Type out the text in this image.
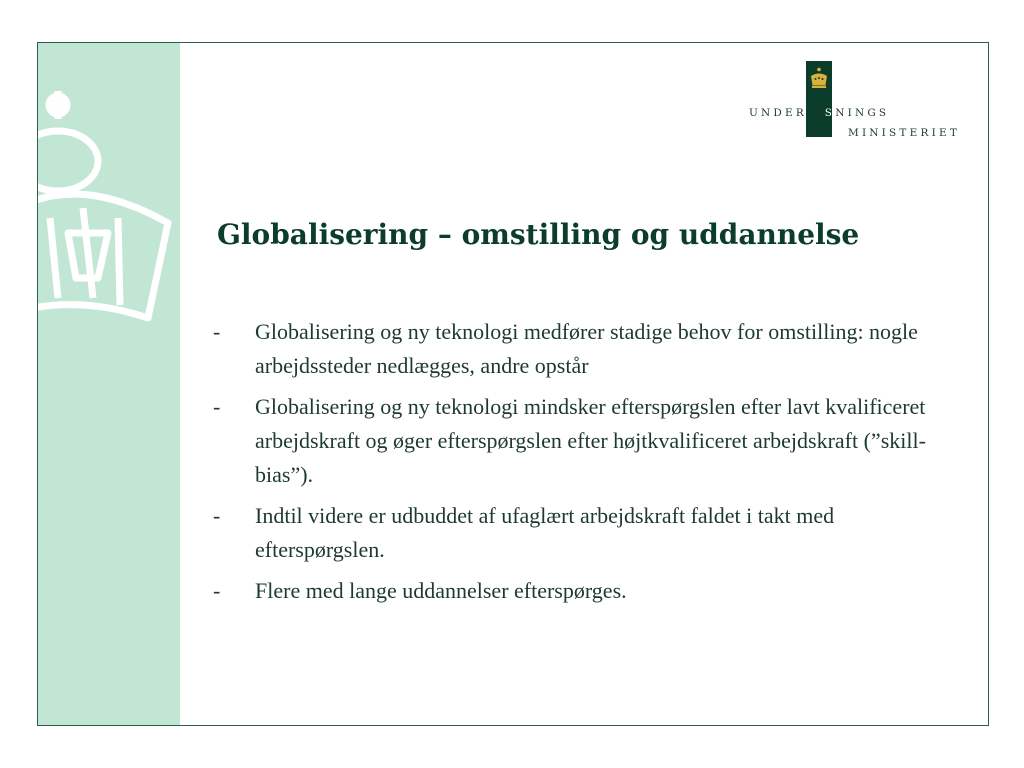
UNDERVISNINGS
MINISTERIET
Globalisering – omstilling og uddannelse
- Globalisering og ny teknologi medfører stadige behov for omstilling: nogle arbejdssteder nedlægges, andre opstår
- Globalisering og ny teknologi mindsker efterspørgslen efter lavt kvalificeret arbejdskraft og øger efterspørgslen efter højtkvalificeret arbejdskraft (”skill-bias”).
- Indtil videre er udbuddet af ufaglært arbejdskraft faldet i takt med efterspørgslen.
- Flere med lange uddannelser efterspørges.
